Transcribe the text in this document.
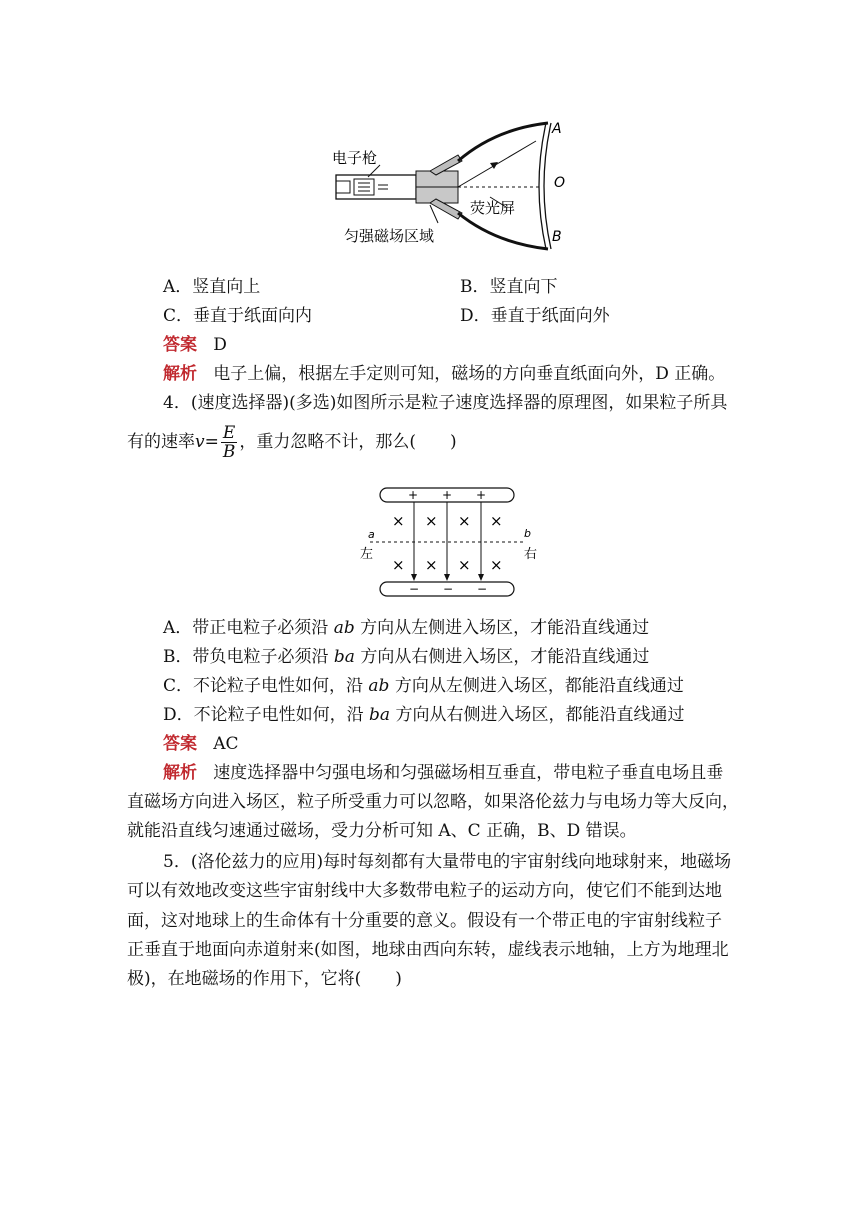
电子枪
荧光屏
匀强磁场区域
A
O
B
A．竖直向上	B．竖直向下
C．垂直于纸面向内	D．垂直于纸面向外
答案 D
解析 电子上偏，根据左手定则可知，磁场的方向垂直纸面向外，D 正确。
4．(速度选择器)(多选)如图所示是粒子速度选择器的原理图，如果粒子所具
有的速率 $v = \frac{E}{B}$ ，重力忽略不计，那么(　　)
+ + +
− − −
× × × ×
× × × ×
a	b
左	右
A．带正电粒子必须沿 ab 方向从左侧进入场区，才能沿直线通过
B．带负电粒子必须沿 ba 方向从右侧进入场区，才能沿直线通过
C．不论粒子电性如何，沿 ab 方向从左侧进入场区，都能沿直线通过
D．不论粒子电性如何，沿 ba 方向从右侧进入场区，都能沿直线通过
答案 AC
解析 速度选择器中匀强电场和匀强磁场相互垂直，带电粒子垂直电场且垂
直磁场方向进入场区，粒子所受重力可以忽略，如果洛伦兹力与电场力等大反向，
就能沿直线匀速通过磁场，受力分析可知 A、C 正确，B、D 错误。
5．(洛伦兹力的应用)每时每刻都有大量带电的宇宙射线向地球射来，地磁场
可以有效地改变这些宇宙射线中大多数带电粒子的运动方向，使它们不能到达地
面，这对地球上的生命体有十分重要的意义。假设有一个带正电的宇宙射线粒子
正垂直于地面向赤道射来(如图，地球由西向东转，虚线表示地轴，上方为地理北
极)，在地磁场的作用下，它将(　　)
